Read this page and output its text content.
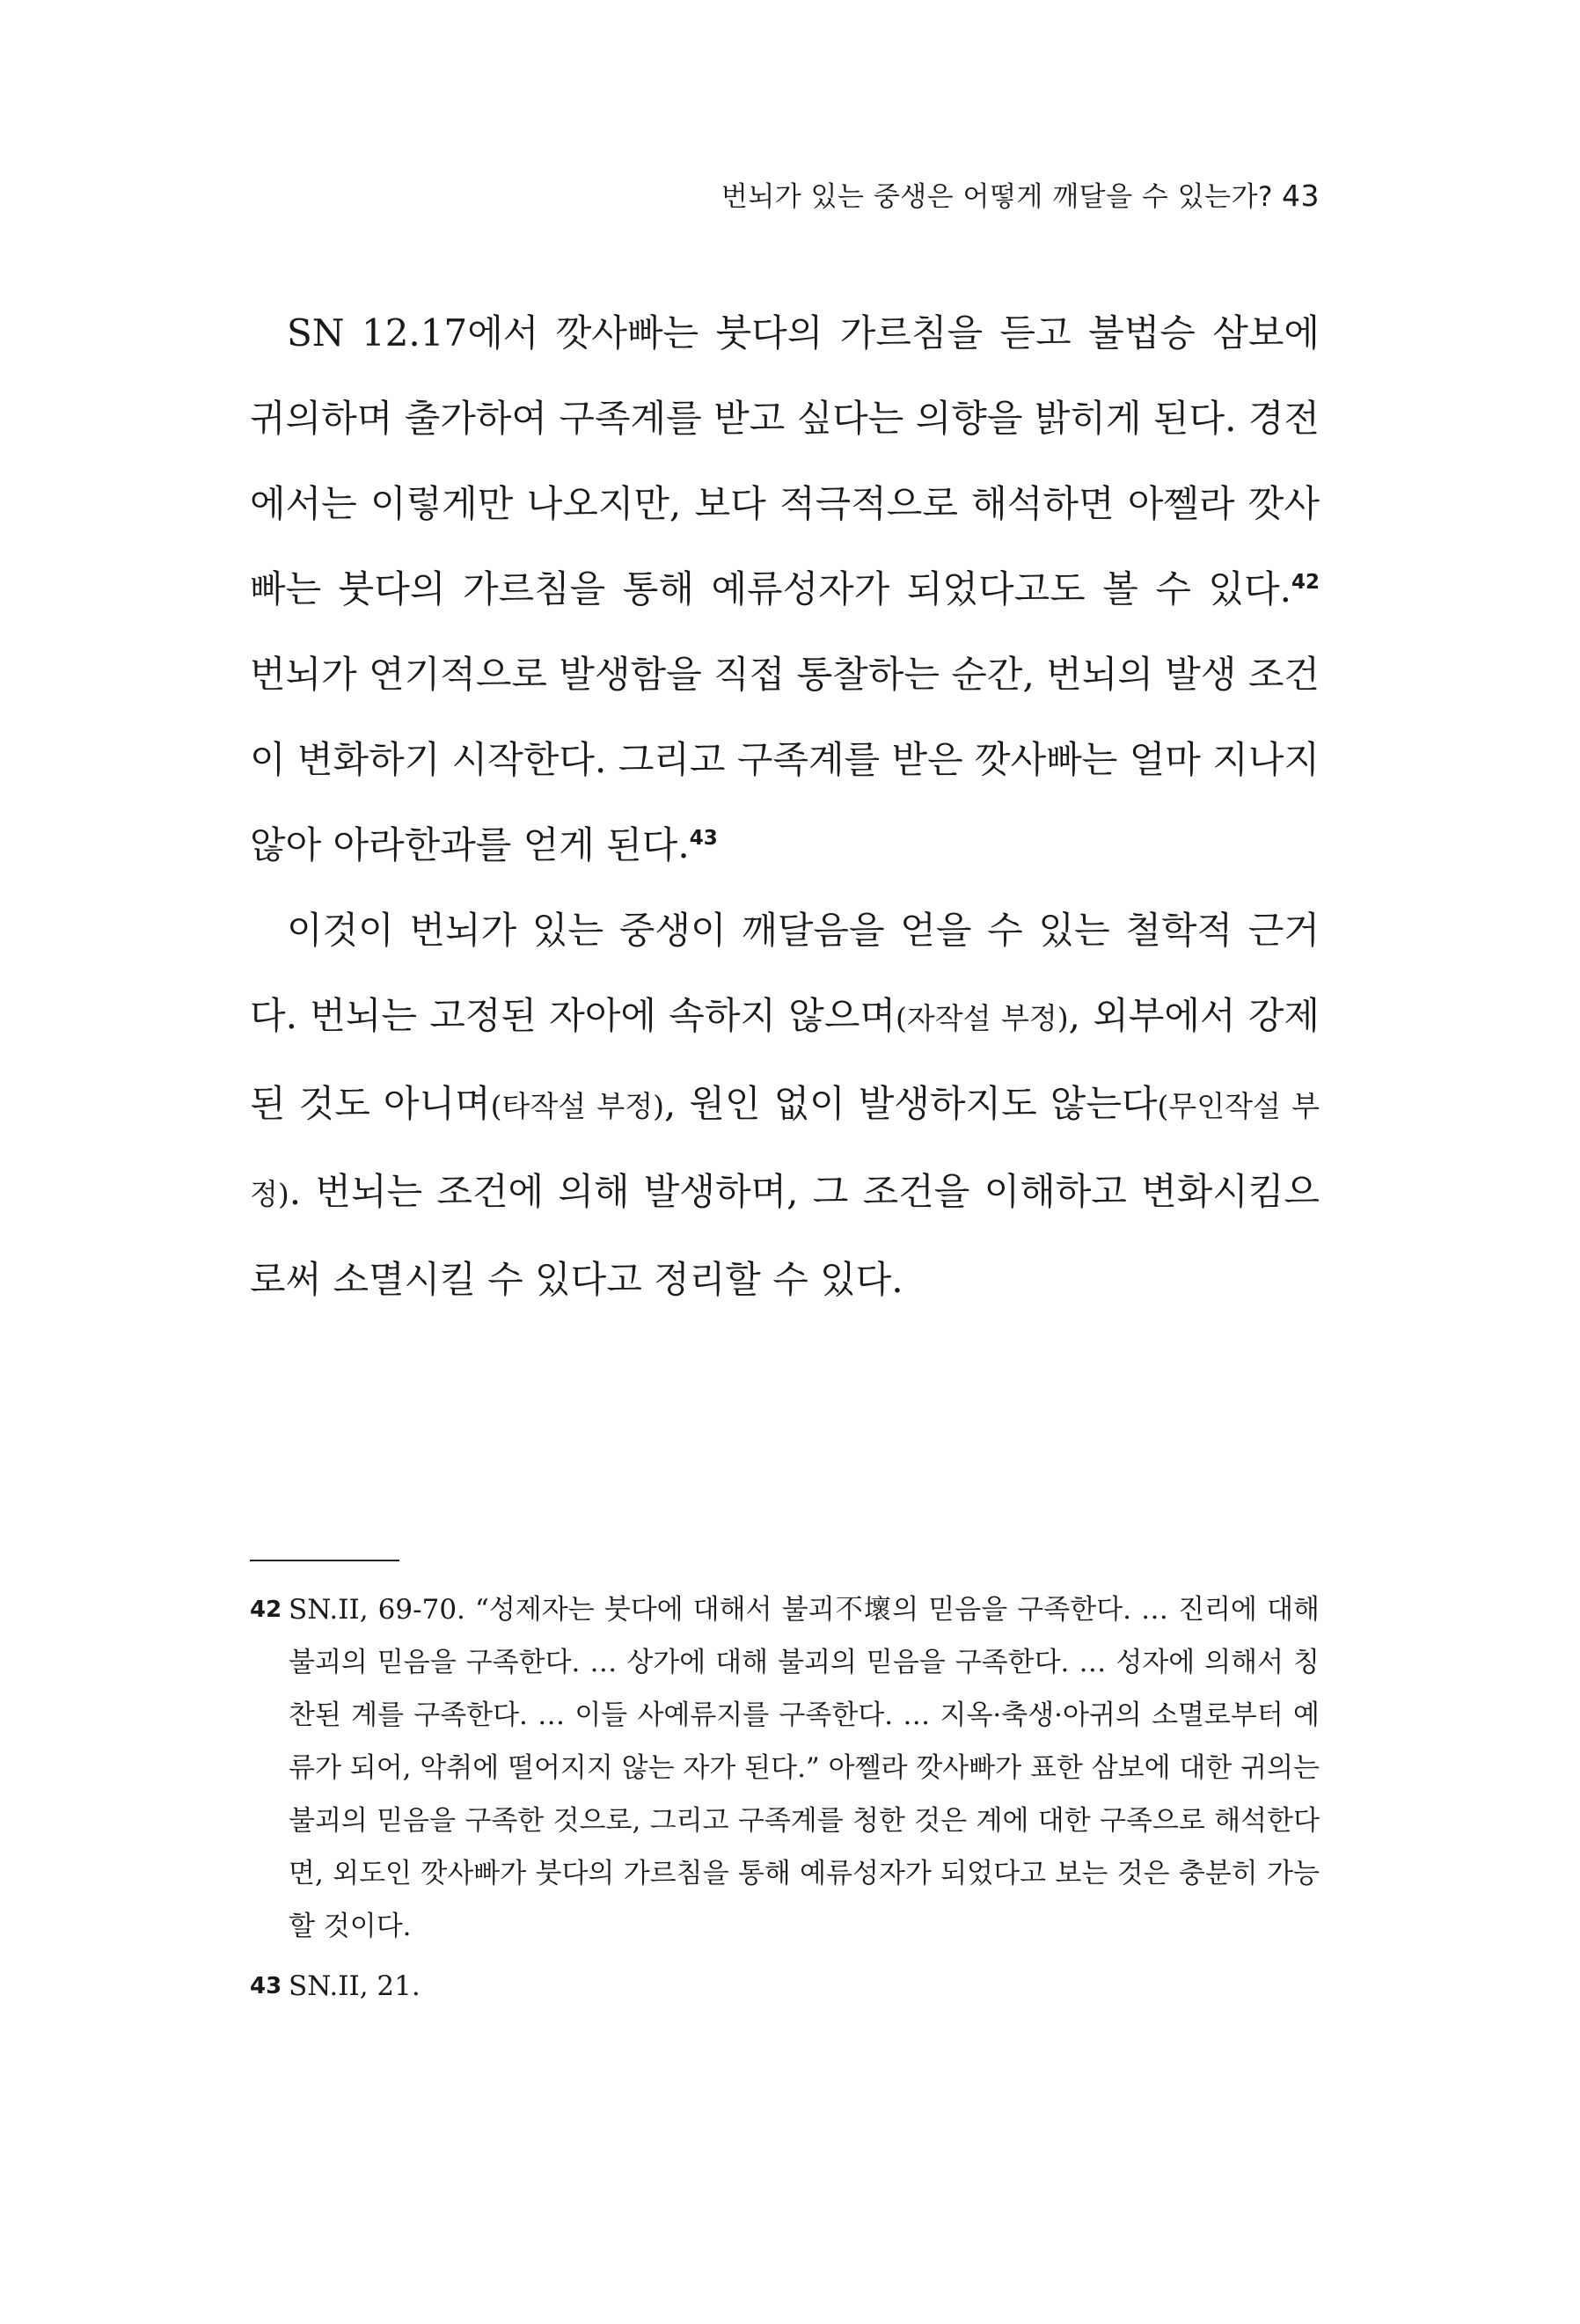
번뇌가 있는 중생은 어떻게 깨달을 수 있는가? 43

SN 12.17에서 깟사빠는 붓다의 가르침을 듣고 불법승 삼보에 귀의하며 출가하여 구족계를 받고 싶다는 의향을 밝히게 된다. 경전에서는 이렇게만 나오지만, 보다 적극적으로 해석하면 아쩰라 깟사빠는 붓다의 가르침을 통해 예류성자가 되었다고도 볼 수 있다.$^{42}$ 번뇌가 연기적으로 발생함을 직접 통찰하는 순간, 번뇌의 발생 조건이 변화하기 시작한다. 그리고 구족계를 받은 깟사빠는 얼마 지나지 않아 아라한과를 얻게 된다.$^{43}$

이것이 번뇌가 있는 중생이 깨달음을 얻을 수 있는 철학적 근거다. 번뇌는 고정된 자아에 속하지 않으며(자작설 부정), 외부에서 강제된 것도 아니며(타작설 부정), 원인 없이 발생하지도 않는다(무인작설 부정). 번뇌는 조건에 의해 발생하며, 그 조건을 이해하고 변화시킴으로써 소멸시킬 수 있다고 정리할 수 있다.

42 SN.II, 69-70. “성제자는 붓다에 대해서 불괴不壞의 믿음을 구족한다. … 진리에 대해 불괴의 믿음을 구족한다. … 상가에 대해 불괴의 믿음을 구족한다. … 성자에 의해서 칭찬된 계를 구족한다. … 이들 사예류지를 구족한다. … 지옥·축생·아귀의 소멸로부터 예류가 되어, 악취에 떨어지지 않는 자가 된다.” 아쩰라 깟사빠가 표한 삼보에 대한 귀의는 불괴의 믿음을 구족한 것으로, 그리고 구족계를 청한 것은 계에 대한 구족으로 해석한다면, 외도인 깟사빠가 붓다의 가르침을 통해 예류성자가 되었다고 보는 것은 충분히 가능할 것이다.

43 SN.II, 21.
